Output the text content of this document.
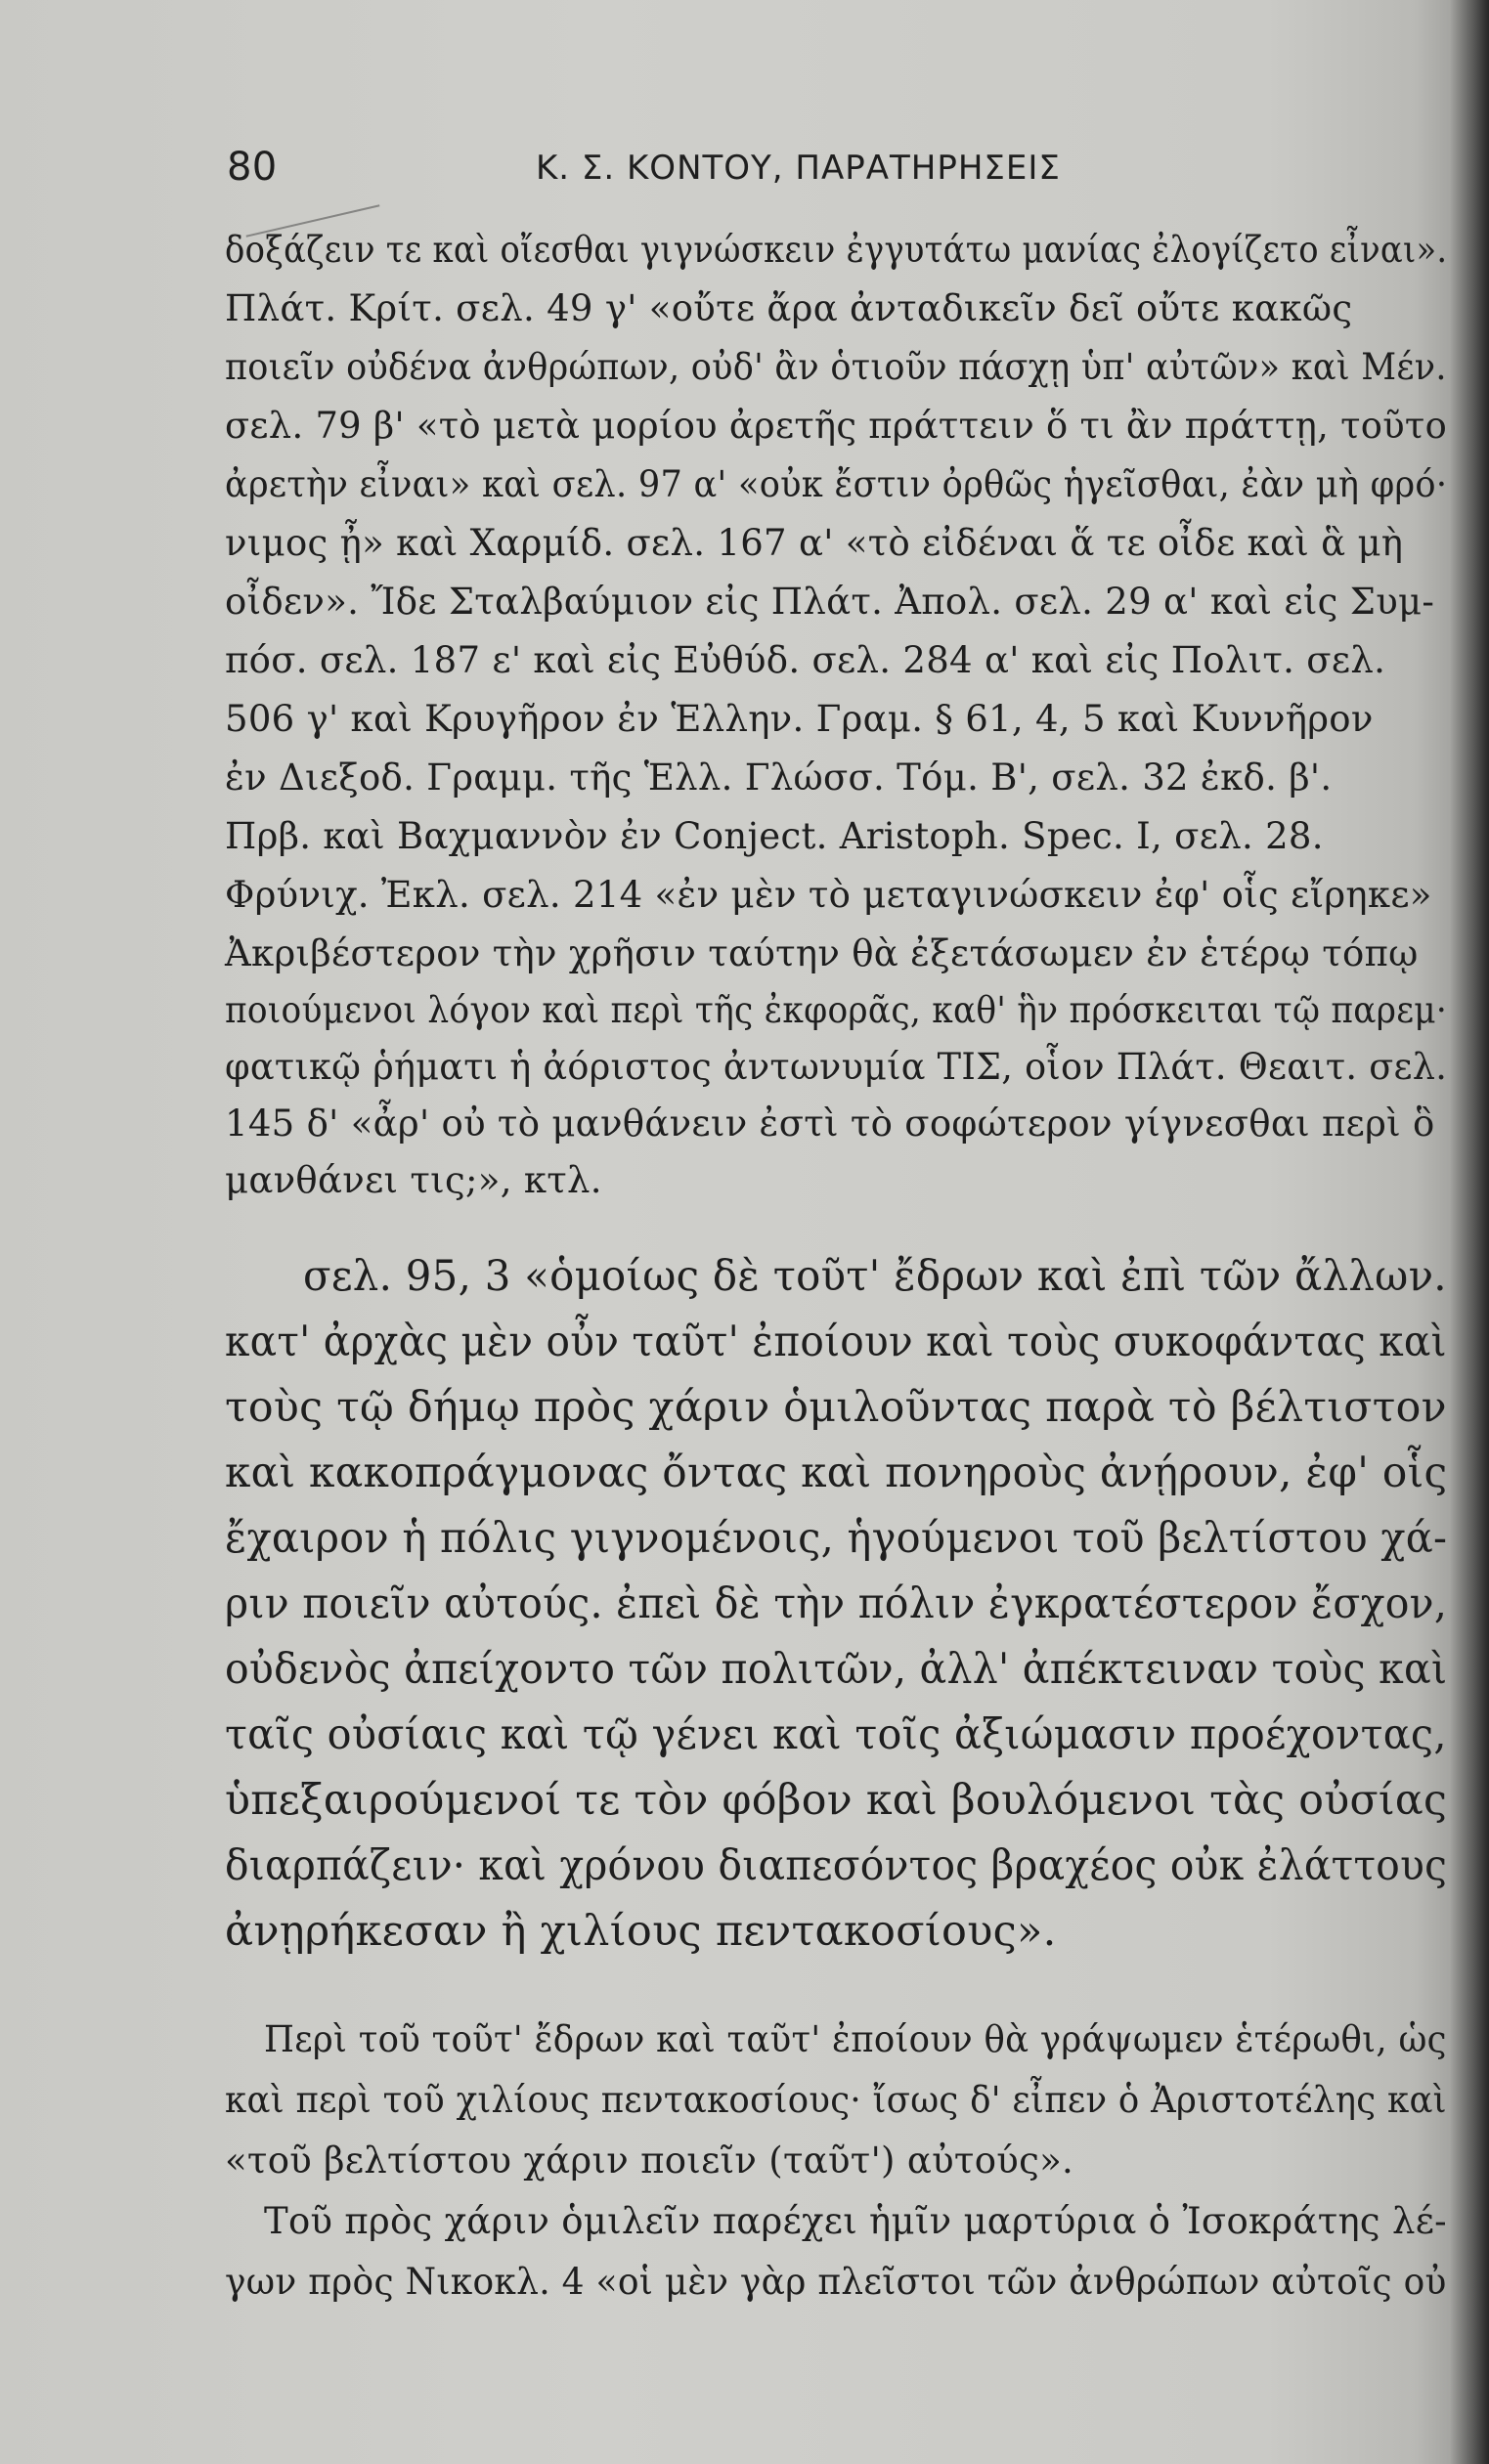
80	Κ. Σ. ΚΟΝΤΟΥ, ΠΑΡΑΤΗΡΗΣΕΙΣ
δοξάζειν τε καὶ οἴεσθαι γιγνώσκειν ἐγγυτάτω μανίας ἐλογίζετο εἶναι».
Πλάτ. Κρίτ. σελ. 49 γ' «οὔτε ἄρα ἀνταδικεῖν δεῖ οὔτε κακῶς
ποιεῖν οὐδένα ἀνθρώπων, οὐδ' ἂν ὁτιοῦν πάσχῃ ὑπ' αὐτῶν» καὶ Μέν.
σελ. 79 β' «τὸ μετὰ μορίου ἀρετῆς πράττειν ὅ τι ἂν πράττῃ, τοῦτο
ἀρετὴν εἶναι» καὶ σελ. 97 α' «οὐκ ἔστιν ὀρθῶς ἡγεῖσθαι, ἐὰν μὴ φρό·
νιμος ᾖ» καὶ Χαρμίδ. σελ. 167 α' «τὸ εἰδέναι ἅ τε οἶδε καὶ ἃ μὴ
οἶδεν». Ἴδε Σταλβαύμιον εἰς Πλάτ. Ἀπολ. σελ. 29 α' καὶ εἰς Συμ-
πόσ. σελ. 187 ε' καὶ εἰς Εὐθύδ. σελ. 284 α' καὶ εἰς Πολιτ. σελ.
506 γ' καὶ Κρυγῆρον ἐν Ἑλλην. Γραμ. § 61, 4, 5 καὶ Κυννῆρον
ἐν Διεξοδ. Γραμμ. τῆς Ἑλλ. Γλώσσ. Τόμ. Β', σελ. 32 ἐκδ. β'.
Πρβ. καὶ Βαχμαννὸν ἐν Conject. Aristoph. Spec. I, σελ. 28.
Φρύνιχ. Ἐκλ. σελ. 214 «ἐν μὲν τὸ μεταγινώσκειν ἐφ' οἷς εἴρηκε»
Ἀκριβέστερον τὴν χρῆσιν ταύτην θὰ ἐξετάσωμεν ἐν ἑτέρῳ τόπῳ
ποιούμενοι λόγον καὶ περὶ τῆς ἐκφορᾶς, καθ' ἣν πρόσκειται τῷ παρεμ·
φατικῷ ῥήματι ἡ ἀόριστος ἀντωνυμία ΤΙΣ, οἷον Πλάτ. Θεαιτ. σελ.
145 δ' «ἆρ' οὐ τὸ μανθάνειν ἐστὶ τὸ σοφώτερον γίγνεσθαι περὶ ὃ
μανθάνει τις;», κτλ.
σελ. 95, 3 «ὁμοίως δὲ τοῦτ' ἔδρων καὶ ἐπὶ τῶν ἄλλων.
κατ' ἀρχὰς μὲν οὖν ταῦτ' ἐποίουν καὶ τοὺς συκοφάντας καὶ
τοὺς τῷ δήμῳ πρὸς χάριν ὁμιλοῦντας παρὰ τὸ βέλτιστον
καὶ κακοπράγμονας ὄντας καὶ πονηροὺς ἀνῄρουν, ἐφ' οἷς
ἔχαιρον ἡ πόλις γιγνομένοις, ἡγούμενοι τοῦ βελτίστου χά-
ριν ποιεῖν αὐτούς. ἐπεὶ δὲ τὴν πόλιν ἐγκρατέστερον ἔσχον,
οὐδενὸς ἀπείχοντο τῶν πολιτῶν, ἀλλ' ἀπέκτειναν τοὺς καὶ
ταῖς οὐσίαις καὶ τῷ γένει καὶ τοῖς ἀξιώμασιν προέχοντας,
ὑπεξαιρούμενοί τε τὸν φόβον καὶ βουλόμενοι τὰς οὐσίας
διαρπάζειν· καὶ χρόνου διαπεσόντος βραχέος οὐκ ἐλάττους
ἀνῃρήκεσαν ἢ χιλίους πεντακοσίους».
Περὶ τοῦ τοῦτ' ἔδρων καὶ ταῦτ' ἐποίουν θὰ γράψωμεν ἑτέρωθι, ὡς
καὶ περὶ τοῦ χιλίους πεντακοσίους· ἴσως δ' εἶπεν ὁ Ἀριστοτέλης καὶ
«τοῦ βελτίστου χάριν ποιεῖν (ταῦτ') αὐτούς».
Τοῦ πρὸς χάριν ὁμιλεῖν παρέχει ἡμῖν μαρτύρια ὁ Ἰσοκράτης λέ-
γων πρὸς Νικοκλ. 4 «οἱ μὲν γὰρ πλεῖστοι τῶν ἀνθρώπων αὐτοῖς οὐ
